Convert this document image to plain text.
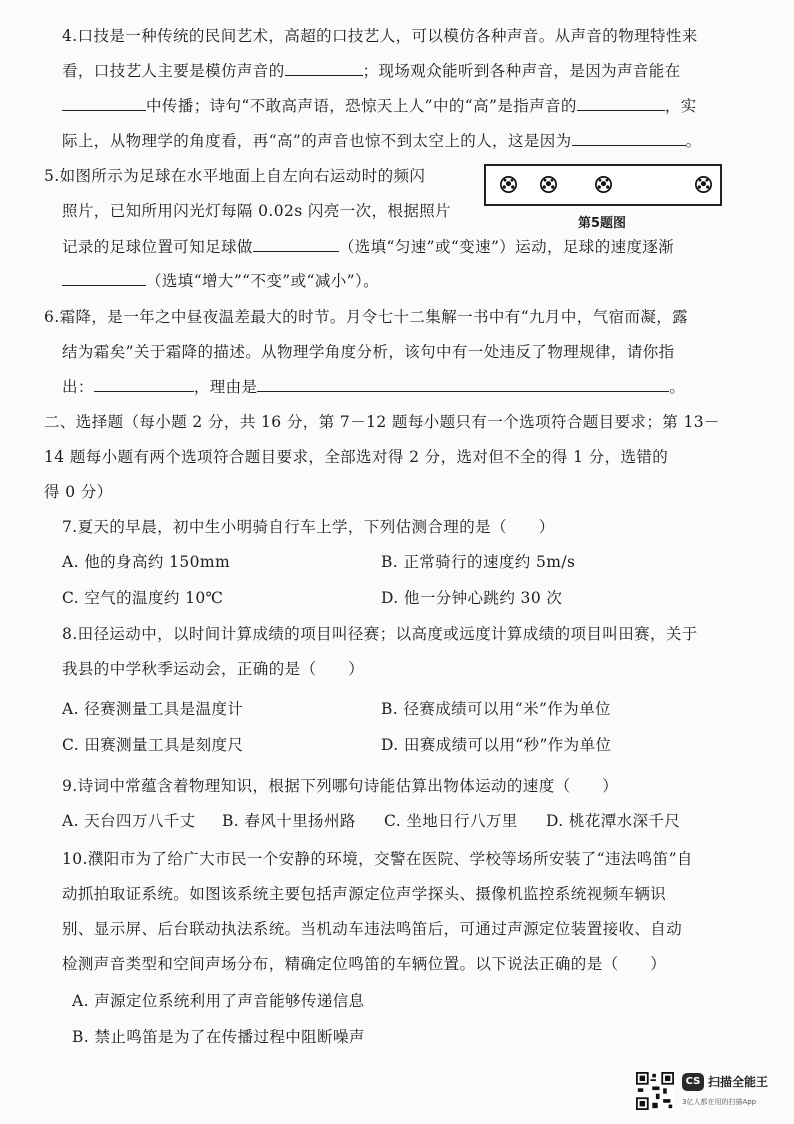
4.口技是一种传统的民间艺术，高超的口技艺人，可以模仿各种声音。从声音的物理特性来
看，口技艺人主要是模仿声音的	；现场观众能听到各种声音，是因为声音能在
中传播；诗句“不敢高声语，恐惊天上人”中的“高”是指声音的	，实
际上，从物理学的角度看，再“高”的声音也惊不到太空上的人，这是因为	。
5.如图所示为足球在水平地面上自左向右运动时的频闪
照片，已知所用闪光灯每隔 0.02s 闪亮一次，根据照片
第5题图
记录的足球位置可知足球做	（选填“匀速”或“变速”）运动，足球的速度逐渐
（选填“增大”“不变”或“减小”）。
6.霜降，是一年之中昼夜温差最大的时节。月令七十二集解一书中有“九月中，气宿而凝，露
结为霜矣”关于霜降的描述。从物理学角度分析，该句中有一处违反了物理规律，请你指
出：	，理由是	。
二、选择题（每小题 2 分，共 16 分，第 7－12 题每小题只有一个选项符合题目要求；第 13－
14 题每小题有两个选项符合题目要求，全部选对得 2 分，选对但不全的得 1 分，选错的
得 0 分）
7.夏天的早晨，初中生小明骑自行车上学，下列估测合理的是（　　）
A. 他的身高约 150mm	B. 正常骑行的速度约 5m/s
C. 空气的温度约 10℃	D. 他一分钟心跳约 30 次
8.田径运动中，以时间计算成绩的项目叫径赛；以高度或远度计算成绩的项目叫田赛，关于
我县的中学秋季运动会，正确的是（　　）
A. 径赛测量工具是温度计	B. 径赛成绩可以用“米”作为单位
C. 田赛测量工具是刻度尺	D. 田赛成绩可以用“秒”作为单位
9.诗词中常蕴含着物理知识，根据下列哪句诗能估算出物体运动的速度（　　）
A. 天台四万八千丈 B. 春风十里扬州路 C. 坐地日行八万里 D. 桃花潭水深千尺
10.濮阳市为了给广大市民一个安静的环境，交警在医院、学校等场所安装了“违法鸣笛”自
动抓拍取证系统。如图该系统主要包括声源定位声学探头、摄像机监控系统视频车辆识
别、显示屏、后台联动执法系统。当机动车违法鸣笛后，可通过声源定位装置接收、自动
检测声音类型和空间声场分布，精确定位鸣笛的车辆位置。以下说法正确的是（　　）
A. 声源定位系统利用了声音能够传递信息
B. 禁止鸣笛是为了在传播过程中阻断噪声
CS 扫描全能王
3亿人都在用的扫描App
